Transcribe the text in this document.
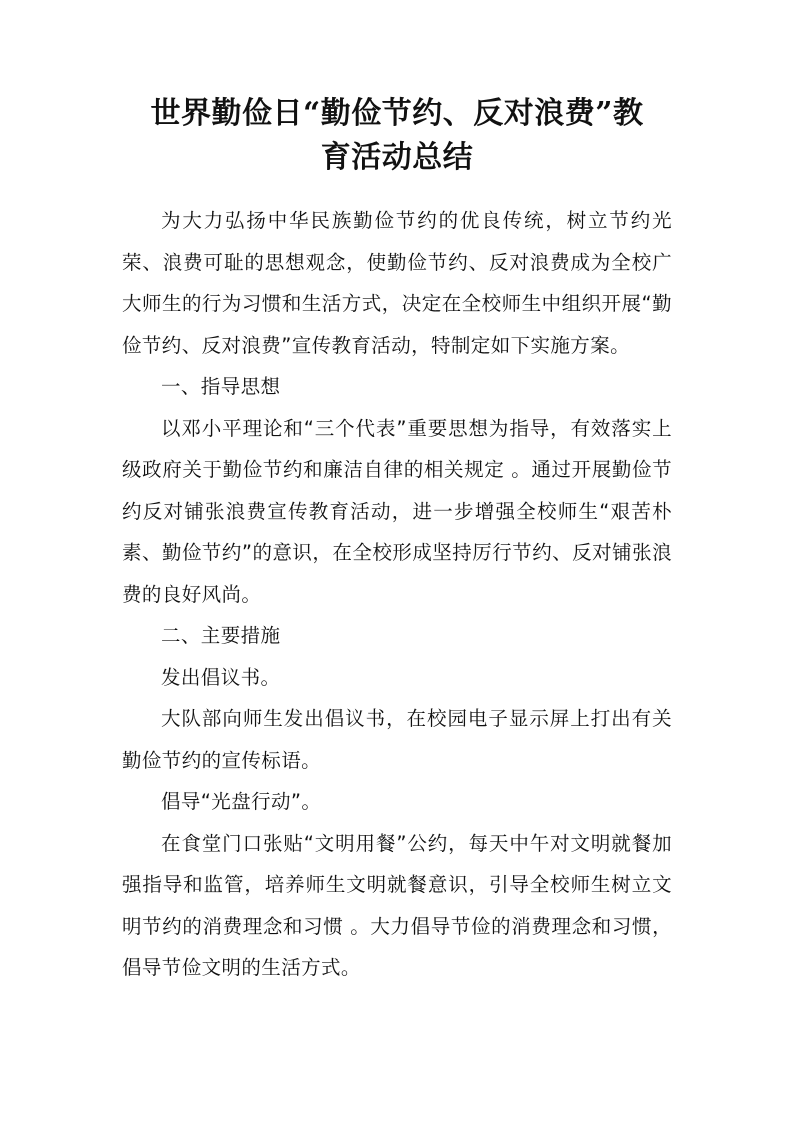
世界勤俭日“勤俭节约、反对浪费”教
育活动总结

为大力弘扬中华民族勤俭节约的优良传统，树立节约光荣、浪费可耻的思想观念，使勤俭节约、反对浪费成为全校广大师生的行为习惯和生活方式，决定在全校师生中组织开展“勤俭节约、反对浪费”宣传教育活动，特制定如下实施方案。

一、指导思想

以邓小平理论和“三个代表”重要思想为指导，有效落实上级政府关于勤俭节约和廉洁自律的相关规定 。通过开展勤俭节约反对铺张浪费宣传教育活动，进一步增强全校师生“艰苦朴素、勤俭节约”的意识，在全校形成坚持厉行节约、反对铺张浪费的良好风尚。

二、主要措施

发出倡议书。

大队部向师生发出倡议书，在校园电子显示屏上打出有关勤俭节约的宣传标语。

倡导“光盘行动”。

在食堂门口张贴“文明用餐”公约，每天中午对文明就餐加强指导和监管，培养师生文明就餐意识，引导全校师生树立文明节约的消费理念和习惯 。大力倡导节俭的消费理念和习惯，倡导节俭文明的生活方式。
